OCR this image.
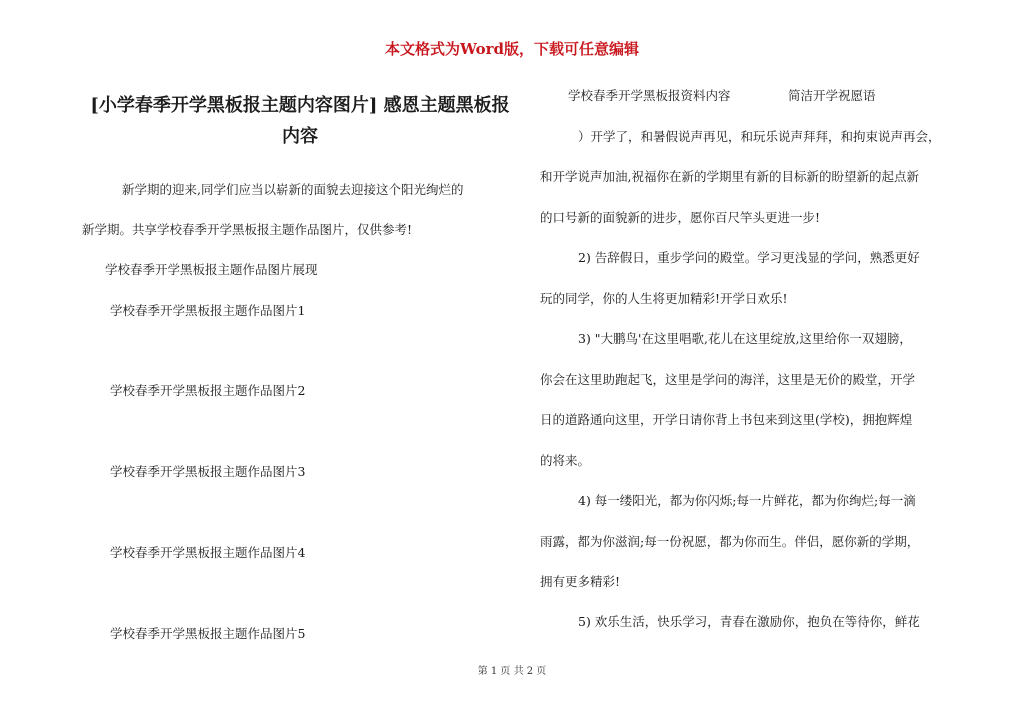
本文格式为Word版，下载可任意编辑
[小学春季开学黑板报主题内容图片] 感恩主题黑板报
内容
新学期的迎来,同学们应当以崭新的面貌去迎接这个阳光绚烂的
新学期。共享学校春季开学黑板报主题作品图片，仅供参考!
学校春季开学黑板报主题作品图片展现
学校春季开学黑板报主题作品图片1
学校春季开学黑板报主题作品图片2
学校春季开学黑板报主题作品图片3
学校春季开学黑板报主题作品图片4
学校春季开学黑板报主题作品图片5
学校春季开学黑板报资料内容	简洁开学祝愿语
）开学了，和暑假说声再见，和玩乐说声拜拜，和拘束说声再会，
和开学说声加油,祝福你在新的学期里有新的目标新的盼望新的起点新
的口号新的面貌新的进步，愿你百尺竿头更进一步!
2) 告辞假日，重步学问的殿堂。学习更浅显的学问，熟悉更好
玩的同学，你的人生将更加精彩!开学日欢乐!
3) "大鹏鸟'在这里唱歌,花儿在这里绽放,这里给你一双翅膀，
你会在这里助跑起飞，这里是学问的海洋，这里是无价的殿堂，开学
日的道路通向这里，开学日请你背上书包来到这里(学校)，拥抱辉煌
的将来。
4) 每一缕阳光，都为你闪烁;每一片鲜花，都为你绚烂;每一滴
雨露，都为你滋润;每一份祝愿，都为你而生。伴侣，愿你新的学期，
拥有更多精彩!
5) 欢乐生活，快乐学习，青春在激励你，抱负在等待你，鲜花
第 1 页 共 2 页
